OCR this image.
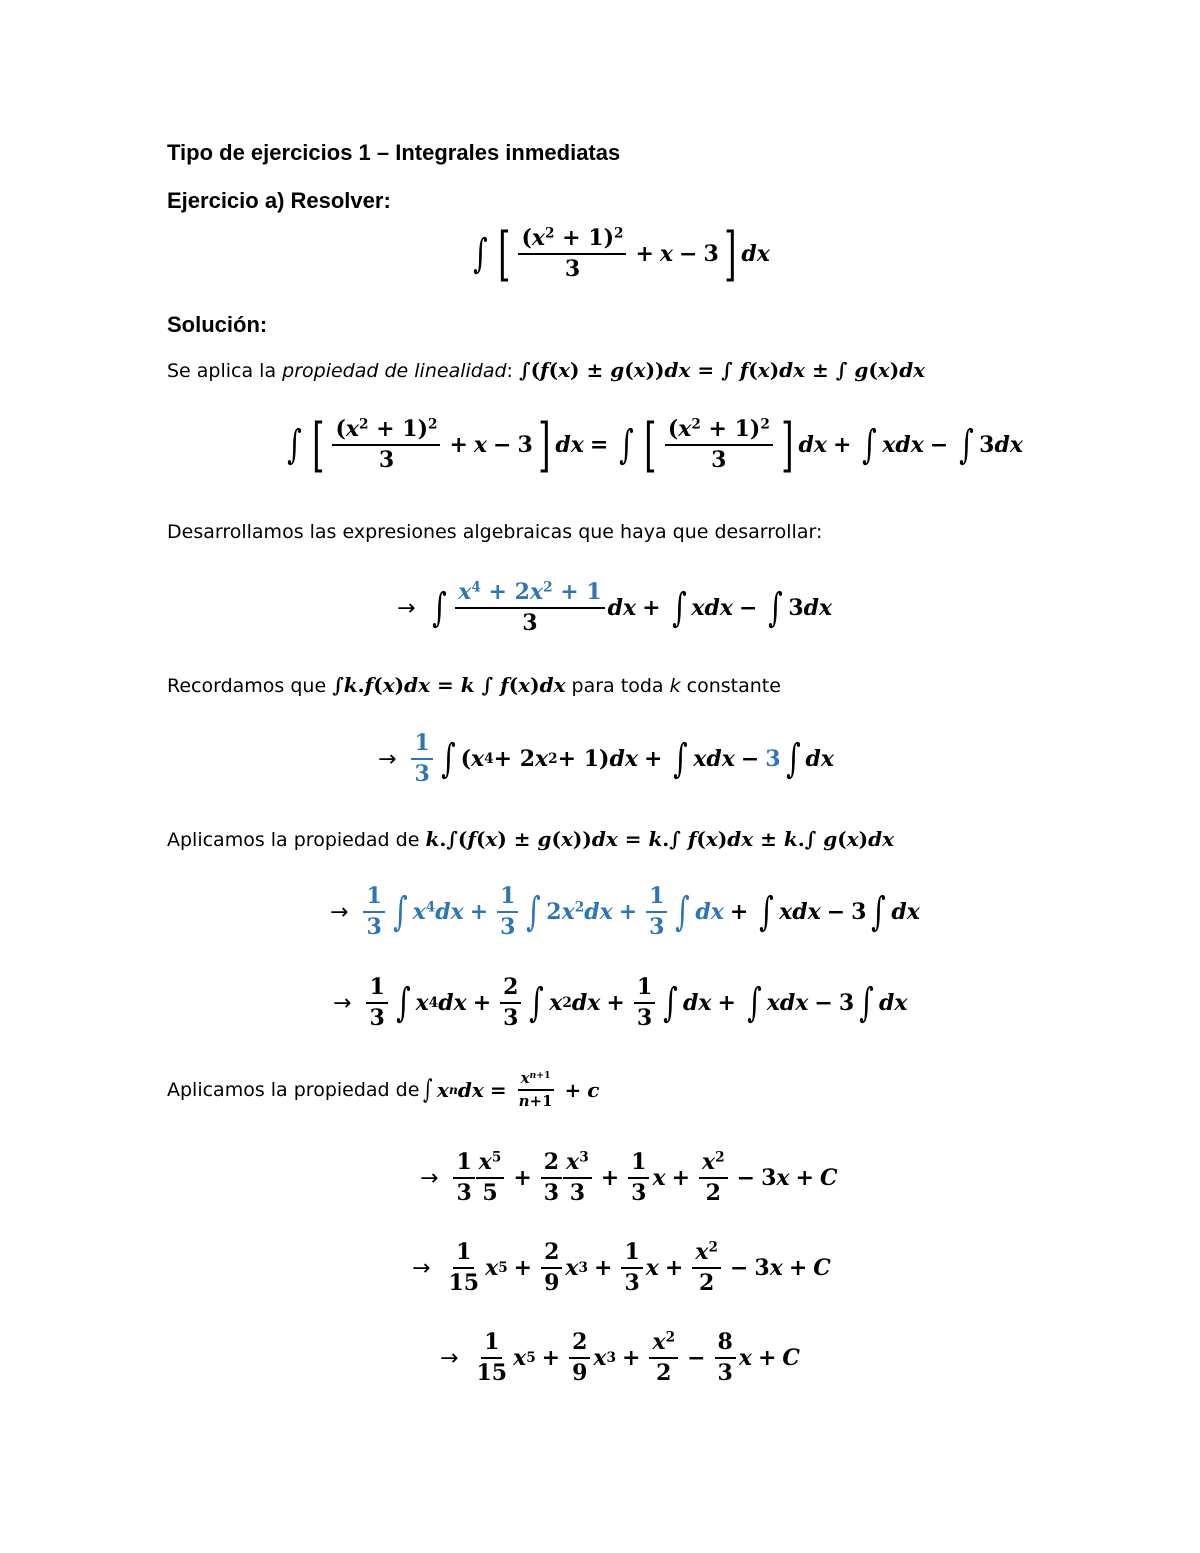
Tipo de ejercicios 1 – Integrales inmediatas
Ejercicio a) Resolver:
∫ [ $\frac{(x^2 + 1)^2}{3} + x - 3$ ] dx
Solución:
Se aplica la propiedad de linealidad: ∫(f(x) ± g(x))dx = ∫ f(x)dx ± ∫ g(x)dx
∫ [ $\frac{(x^2 + 1)^2}{3} + x - 3$ ] dx = ∫ [ $\frac{(x^2 + 1)^2}{3}$ ] dx + ∫ xdx − ∫ 3 dx
Desarrollamos las expresiones algebraicas que haya que desarrollar:
→ ∫ $\frac{x^4 + 2x^2 + 1}{3}$ dx + ∫ xdx − ∫ 3 dx
Recordamos que ∫k.f(x)dx = k ∫ f(x)dx para toda k constante
→ $\frac{1}{3}$ ∫ ( x 4 + 2 x 2 + 1) dx + ∫ xdx − 3 ∫ dx
Aplicamos la propiedad de k.∫(f(x) ± g(x))dx = k.∫ f(x)dx ± k.∫ g(x)dx
→ $\frac{1}{3}$ ∫ $x^4dx + \frac{1}{3}$ ∫ $2x^2dx + \frac{1}{3}$ ∫ dx + ∫ xdx − 3 ∫ dx
→ $\frac{1}{3}$ ∫ x 4 dx + $\frac{2}{3}$ ∫ x 2 dx + $\frac{1}{3}$ ∫ dx + ∫ xdx − 3 ∫ dx
Aplicamos la propiedad de ∫ x n dx = $\frac{x^{n+1}}{n+1} + c$
→ $\frac{1}{3} \frac{x^5}{5} + \frac{2}{3} \frac{x^3}{3} + \frac{1}{3}$ $x + \frac{x^2}{2} - 3$ x + C
→ $\frac{1}{15}$ x $5 + \frac{2}{9}$ x $3 + \frac{1}{3}$ $x + \frac{x^2}{2} - 3$ x + C
→ $\frac{1}{15}$ x $5 + \frac{2}{9}$ x $3 + \frac{x^2}{2} - \frac{8}{3}$ x + C
